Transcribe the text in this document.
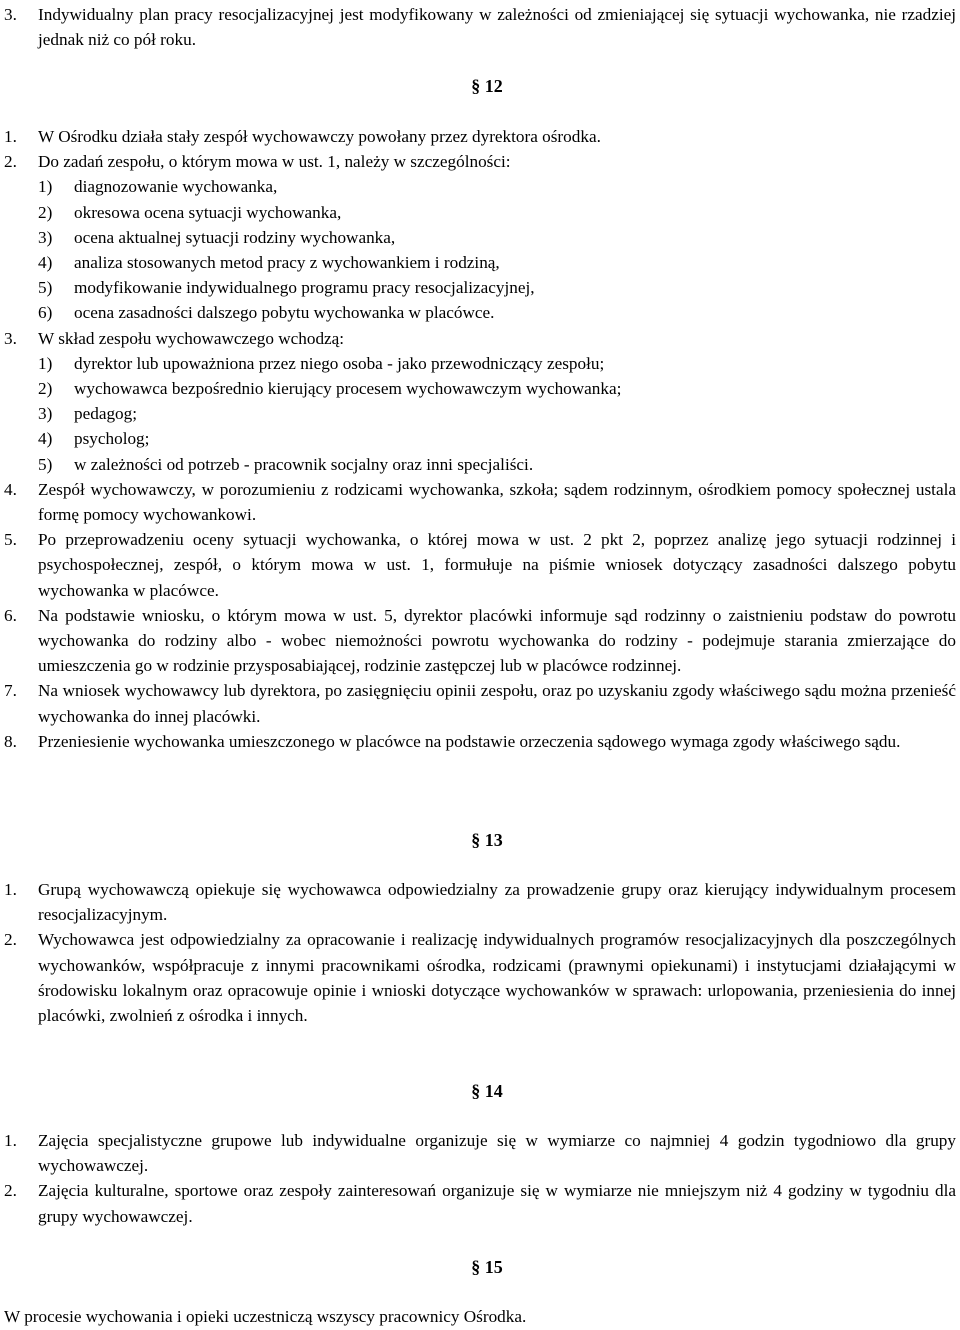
3. Indywidualny plan pracy resocjalizacyjnej jest modyfikowany w zależności od zmieniającej się sytuacji wychowanka, nie rzadziej jednak niż co pół roku.
§ 12
1. W Ośrodku działa stały zespół wychowawczy powołany przez dyrektora ośrodka.
2. Do zadań zespołu, o którym mowa w ust. 1, należy w szczególności:
1) diagnozowanie wychowanka,
2) okresowa ocena sytuacji wychowanka,
3) ocena aktualnej sytuacji rodziny wychowanka,
4) analiza stosowanych metod pracy z wychowankiem i rodziną,
5) modyfikowanie indywidualnego programu pracy resocjalizacyjnej,
6) ocena zasadności dalszego pobytu wychowanka w placówce.
3. W skład zespołu wychowawczego wchodzą:
1) dyrektor lub upoważniona przez niego osoba - jako przewodniczący zespołu;
2) wychowawca bezpośrednio kierujący procesem wychowawczym wychowanka;
3) pedagog;
4) psycholog;
5) w zależności od potrzeb - pracownik socjalny oraz inni specjaliści.
4. Zespół wychowawczy, w porozumieniu z rodzicami wychowanka, szkoła; sądem rodzinnym, ośrodkiem pomocy społecznej ustala formę pomocy wychowankowi.
5. Po przeprowadzeniu oceny sytuacji wychowanka, o której mowa w ust. 2 pkt 2, poprzez analizę jego sytuacji rodzinnej i psychospołecznej, zespół, o którym mowa w ust. 1, formułuje na piśmie wniosek dotyczący zasadności dalszego pobytu wychowanka w placówce.
6. Na podstawie wniosku, o którym mowa w ust. 5, dyrektor placówki informuje sąd rodzinny o zaistnieniu podstaw do powrotu wychowanka do rodziny albo - wobec niemożności powrotu wychowanka do rodziny - podejmuje starania zmierzające do umieszczenia go w rodzinie przysposabiającej, rodzinie zastępczej lub w placówce rodzinnej.
7. Na wniosek wychowawcy lub dyrektora, po zasięgnięciu opinii zespołu, oraz po uzyskaniu zgody właściwego sądu można przenieść wychowanka do innej placówki.
8. Przeniesienie wychowanka umieszczonego w placówce na podstawie orzeczenia sądowego wymaga zgody właściwego sądu.
§ 13
1. Grupą wychowawczą opiekuje się wychowawca odpowiedzialny za prowadzenie grupy oraz kierujący indywidualnym procesem resocjalizacyjnym.
2. Wychowawca jest odpowiedzialny za opracowanie i realizację indywidualnych programów resocjalizacyjnych dla poszczególnych wychowanków, współpracuje z innymi pracownikami ośrodka, rodzicami (prawnymi opiekunami) i instytucjami działającymi w środowisku lokalnym oraz opracowuje opinie i wnioski dotyczące wychowanków w sprawach: urlopowania, przeniesienia do innej placówki, zwolnień z ośrodka i innych.
§ 14
1. Zajęcia specjalistyczne grupowe lub indywidualne organizuje się w wymiarze co najmniej 4 godzin tygodniowo dla grupy wychowawczej.
2. Zajęcia kulturalne, sportowe oraz zespoły zainteresowań organizuje się w wymiarze nie mniejszym niż 4 godziny w tygodniu dla grupy wychowawczej.
§ 15
W procesie wychowania i opieki uczestniczą wszyscy pracownicy Ośrodka.
